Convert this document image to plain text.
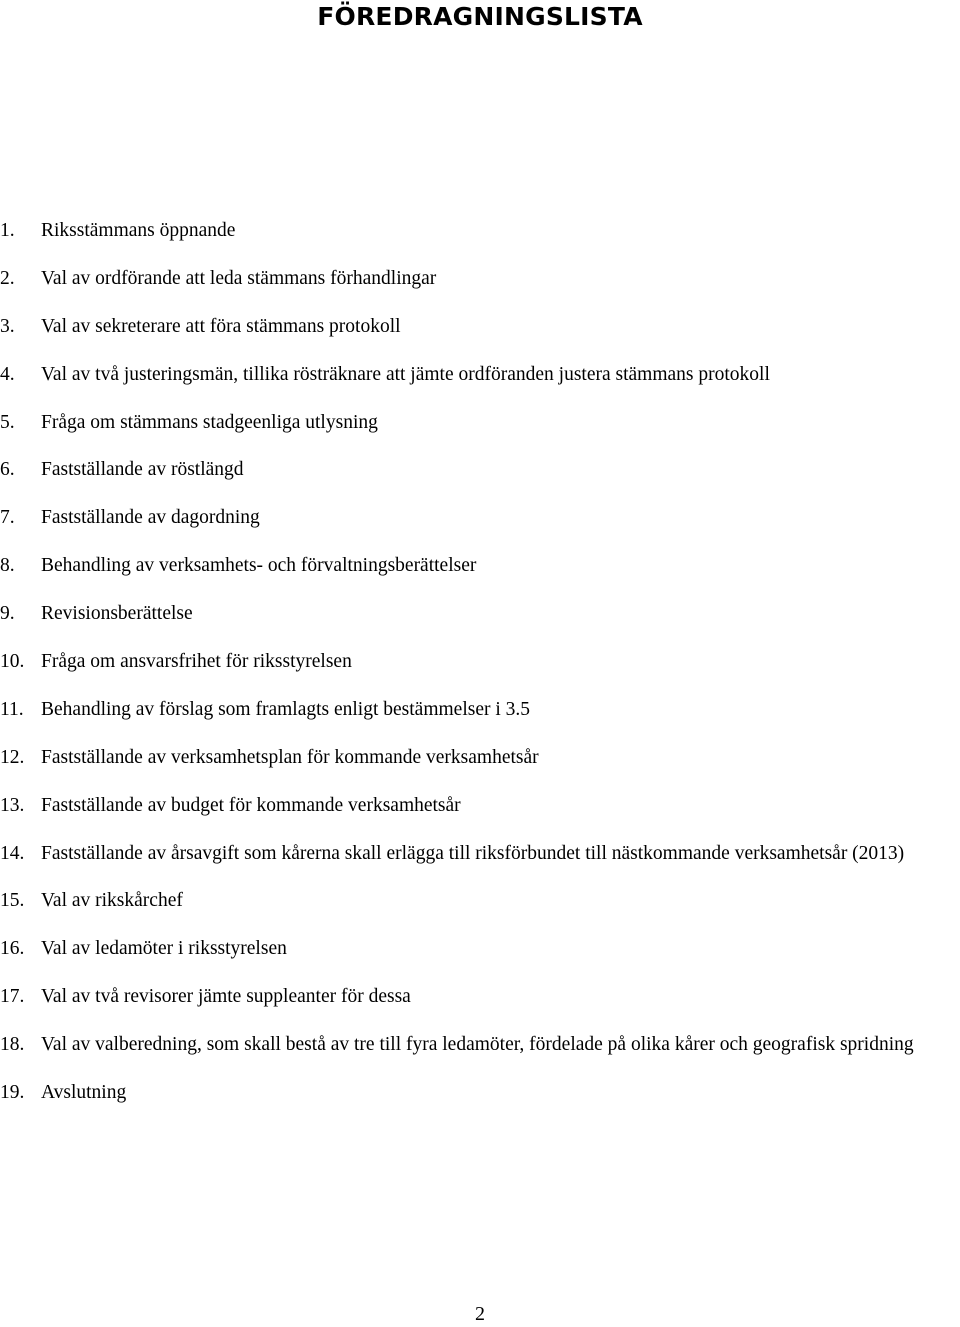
FÖREDRAGNINGSLISTA
1. Riksstämmans öppnande
2. Val av ordförande att leda stämmans förhandlingar
3. Val av sekreterare att föra stämmans protokoll
4. Val av två justeringsmän, tillika rösträknare att jämte ordföranden justera stämmans protokoll
5. Fråga om stämmans stadgeenliga utlysning
6. Fastställande av röstlängd
7. Fastställande av dagordning
8. Behandling av verksamhets- och förvaltningsberättelser
9. Revisionsberättelse
10. Fråga om ansvarsfrihet för riksstyrelsen
11. Behandling av förslag som framlagts enligt bestämmelser i 3.5
12. Fastställande av verksamhetsplan för kommande verksamhetsår
13. Fastställande av budget för kommande verksamhetsår
14. Fastställande av årsavgift som kårerna skall erlägga till riksförbundet till nästkommande verksamhetsår (2013)
15. Val av rikskårchef
16. Val av ledamöter i riksstyrelsen
17. Val av två revisorer jämte suppleanter för dessa
18. Val av valberedning, som skall bestå av tre till fyra ledamöter, fördelade på olika kårer och geografisk spridning
19. Avslutning
2
